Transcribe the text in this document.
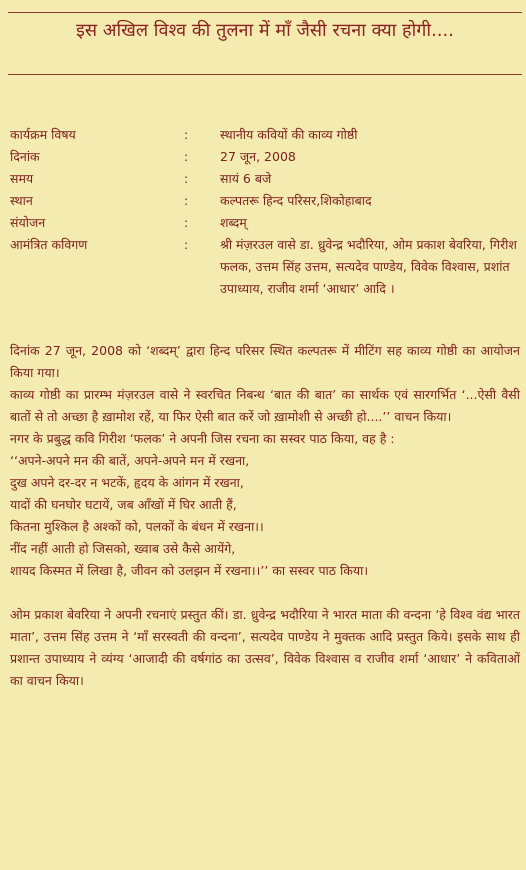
इस अखिल विश्व की तुलना में माँ जैसी रचना क्या होगी....
कार्यक्रम विषय	:	स्थानीय कवियों की काव्य गोष्ठी
दिनांक	:	27 जून, 2008
समय	:	सायं 6 बजे
स्थान	:	कल्पतरू हिन्द परिसर,शिकोहाबाद
संयोजन	:	शब्दम्
आमंत्रित कविगण	:	श्री मंज़रउल वासे डा. ध्रुवेन्द्र भदौरिया, ओम प्रकाश बेवरिया, गिरीश फलक, उत्तम सिंह उत्तम, सत्यदेव पाण्डेय, विवेक विश्वास, प्रशांत उपाध्याय, राजीव शर्मा ‘आधार’ आदि ।

दिनांक 27 जून, 2008 को ‘शब्दम्’ द्वारा हिन्द परिसर स्थित कल्पतरू में मीटिंग सह काव्य गोष्ठी का आयोजन किया गया।

काव्य गोष्ठी का प्रारम्भ मंज़रउल वासे ने स्वरचित निबन्ध ‘बात की बात’ का सार्थक एवं सारगर्भित ‘...ऐसी वैसी बातों से तो अच्छा है ख़ामोश रहें, या फिर ऐसी बात करें जो ख़ामोशी से अच्छी हो....’’ वाचन किया।

नगर के प्रबुद्ध कवि गिरीश ‘फलक’ ने अपनी जिस रचना का सस्वर पाठ किया, वह है :

‘‘अपने-अपने मन की बातें, अपने-अपने मन में रखना,
दुख अपने दर-दर न भटकें, हृदय के आंगन में रखना,
यादों की घनघोर घटायें, जब आँखों में घिर आती हैं,
कितना मुश्किल है अश्कों को, पलकों के बंधन में रखना।।
नींद नहीं आती हो जिसको, ख्वाब उसे कैसे आयेंगे,
शायद किस्मत में लिखा है, जीवन को उलझन में रखना।।’’ का सस्वर पाठ किया।

ओम प्रकाश बेवरिया ने अपनी रचनाएं प्रस्तुत कीं। डा. ध्रुवेन्द्र भदौरिया ने भारत माता की वन्दना ‘हे विश्व वंद्य भारत माता’, उत्तम सिंह उत्तम ने ‘माँ सरस्वती की वन्दना’, सत्यदेव पाण्डेय ने मुक्तक आदि प्रस्तुत किये। इसके साथ ही प्रशान्त उपाध्याय ने व्यंग्य ‘आजादी की वर्षगांठ का उत्सव’, विवेक विश्वास व राजीव शर्मा ‘आधार’ ने कविताओं का वाचन किया।
